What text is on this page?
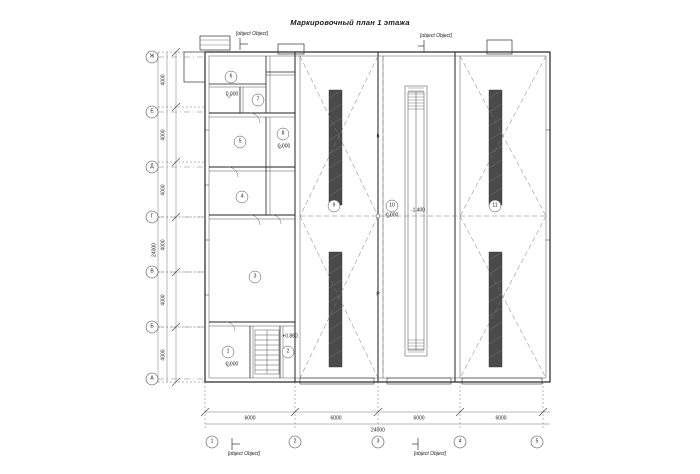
Маркировочный план 1 этажа
Ж
Е
Д
Г
В
Б
А
1	2	3	4	5
4000
4000
4000
4000
4000
4000
24000
6000	6000	6000	6000
24000
1	2
3
4
5
6
7
8
9	10	11
0.000
0.000
0.000
0.000
-1.400
+0.860
[object Object]	[object Object]
[object Object]	[object Object]
b
P
